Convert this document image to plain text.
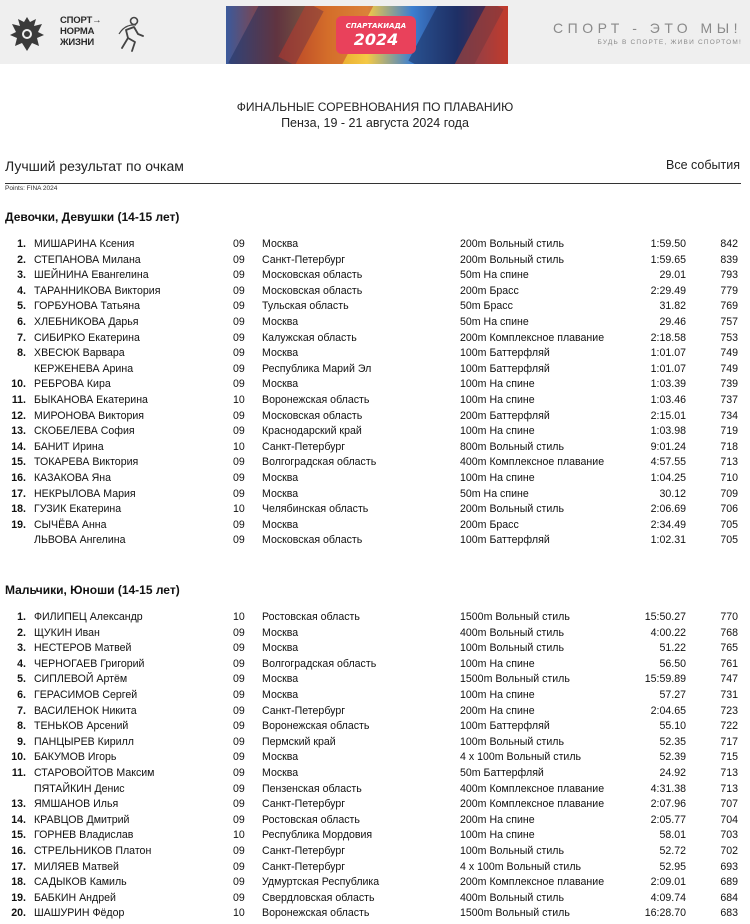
СПОРТ→
НОРМА
ЖИЗНИ
СПАРТАКИАДА
2024
СПОРТ - ЭТО МЫ!
БУДЬ В СПОРТЕ, ЖИВИ СПОРТОМ!
ФИНАЛЬНЫЕ СОРЕВНОВАНИЯ ПО ПЛАВАНИЮ
Пенза, 19 - 21 августа 2024 года
Лучший результат по очкам	Все события
Points: FINA 2024
Девочки, Девушки (14-15 лет)
1. МИШАРИНА Ксения	09 Москва	200m Вольный стиль	1:59.50	842
2. СТЕПАНОВА Милана	09 Санкт-Петербург	200m Вольный стиль	1:59.65	839
3. ШЕЙНИНА Евангелина	09 Московская область	50m На спине	29.01	793
4. ТАРАННИКОВА Виктория	09 Московская область	200m Брасс	2:29.49	779
5. ГОРБУНОВА Татьяна	09 Тульская область	50m Брасс	31.82	769
6. ХЛЕБНИКОВА Дарья	09 Москва	50m На спине	29.46	757
7. СИБИРКО Екатерина	09 Калужская область	200m Комплексное плавание	2:18.58	753
8. ХВЕСЮК Варвара	09 Москва	100m Баттерфляй	1:01.07	749
КЕРЖЕНЕВА Арина	09 Республика Марий Эл	100m Баттерфляй	1:01.07	749
10. РЕБРОВА Кира	09 Москва	100m На спине	1:03.39	739
11. БЫКАНОВА Екатерина	10 Воронежская область	100m На спине	1:03.46	737
12. МИРОНОВА Виктория	09 Московская область	200m Баттерфляй	2:15.01	734
13. СКОБЕЛЕВА София	09 Краснодарский край	100m На спине	1:03.98	719
14. БАНИТ Ирина	10 Санкт-Петербург	800m Вольный стиль	9:01.24	718
15. ТОКАРЕВА Виктория	09 Волгоградская область	400m Комплексное плавание	4:57.55	713
16. КАЗАКОВА Яна	09 Москва	100m На спине	1:04.25	710
17. НЕКРЫЛОВА Мария	09 Москва	50m На спине	30.12	709
18. ГУЗИК Екатерина	10 Челябинская область	200m Вольный стиль	2:06.69	706
19. СЫЧЁВА Анна	09 Москва	200m Брасс	2:34.49	705
ЛЬВОВА Ангелина	09 Московская область	100m Баттерфляй	1:02.31	705
Мальчики, Юноши (14-15 лет)
1. ФИЛИПЕЦ Александр	10 Ростовская область	1500m Вольный стиль	15:50.27	770
2. ЩУКИН Иван	09 Москва	400m Вольный стиль	4:00.22	768
3. НЕСТЕРОВ Матвей	09 Москва	100m Вольный стиль	51.22	765
4. ЧЕРНОГАЕВ Григорий	09 Волгоградская область	100m На спине	56.50	761
5. СИПЛЕВОЙ Артём	09 Москва	1500m Вольный стиль	15:59.89	747
6. ГЕРАСИМОВ Сергей	09 Москва	100m На спине	57.27	731
7. ВАСИЛЕНОК Никита	09 Санкт-Петербург	200m На спине	2:04.65	723
8. ТЕНЬКОВ Арсений	09 Воронежская область	100m Баттерфляй	55.10	722
9. ПАНЦЫРЕВ Кирилл	09 Пермский край	100m Вольный стиль	52.35	717
10. БАКУМОВ Игорь	09 Москва	4 x 100m Вольный стиль	52.39	715
11. СТАРОВОЙТОВ Максим	09 Москва	50m Баттерфляй	24.92	713
ПЯТАЙКИН Денис	09 Пензенская область	400m Комплексное плавание	4:31.38	713
13. ЯМШАНОВ Илья	09 Санкт-Петербург	200m Комплексное плавание	2:07.96	707
14. КРАВЦОВ Дмитрий	09 Ростовская область	200m На спине	2:05.77	704
15. ГОРНЕВ Владислав	10 Республика Мордовия	100m На спине	58.01	703
16. СТРЕЛЬНИКОВ Платон	09 Санкт-Петербург	100m Вольный стиль	52.72	702
17. МИЛЯЕВ Матвей	09 Санкт-Петербург	4 x 100m Вольный стиль	52.95	693
18. САДЫКОВ Камиль	09 Удмуртская Республика	200m Комплексное плавание	2:09.01	689
19. БАБКИН Андрей	09 Свердловская область	400m Вольный стиль	4:09.74	684
20. ШАШУРИН Фёдор	10 Воронежская область	1500m Вольный стиль	16:28.70	683
